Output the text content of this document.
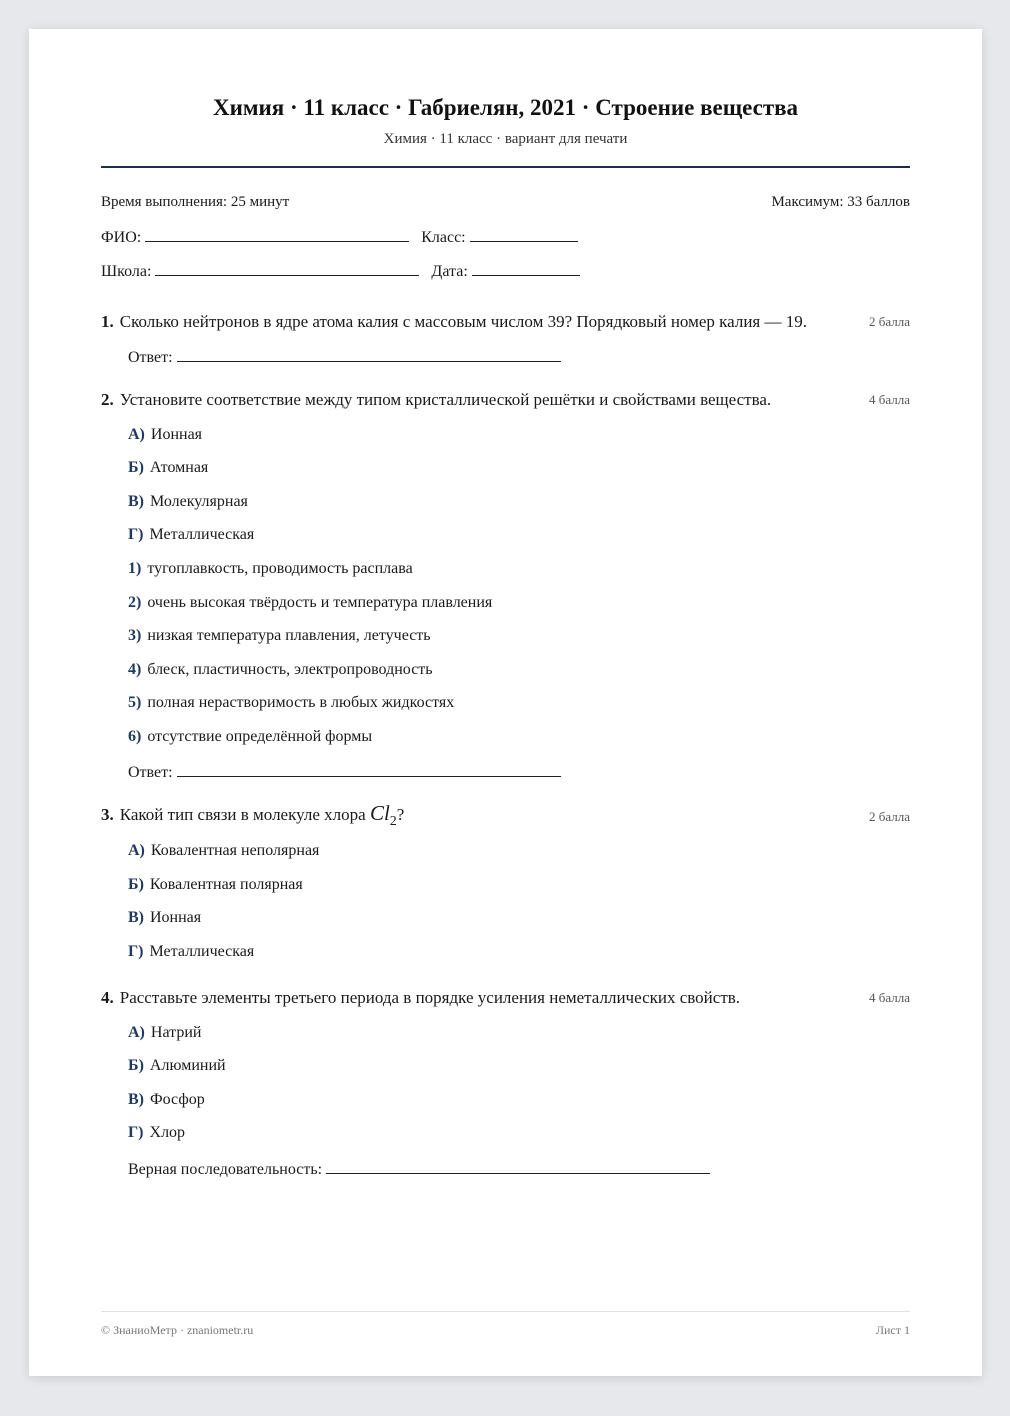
Химия · 11 класс · Габриелян, 2021 · Строение вещества
Химия · 11 класс · вариант для печати
Время выполнения: 25 минут	Максимум: 33 баллов
ФИО:	Класс:
Школа:	Дата:
1. Сколько нейтронов в ядре атома калия с массовым числом 39? Порядковый номер калия — 19.	2 балла
Ответ:
2. Установите соответствие между типом кристаллической решётки и свойствами вещества.	4 балла
А) Ионная
Б) Атомная
В) Молекулярная
Г) Металлическая
1) тугоплавкость, проводимость расплава
2) очень высокая твёрдость и температура плавления
3) низкая температура плавления, летучесть
4) блеск, пластичность, электропроводность
5) полная нерастворимость в любых жидкостях
6) отсутствие определённой формы
Ответ:
3. Какой тип связи в молекуле хлора $Cl_2$?	2 балла
А) Ковалентная неполярная
Б) Ковалентная полярная
В) Ионная
Г) Металлическая
4. Расставьте элементы третьего периода в порядке усиления неметаллических свойств.	4 балла
А) Натрий
Б) Алюминий
В) Фосфор
Г) Хлор
Верная последовательность:
© ЗнаниоМетр · znaniometr.ru	Лист 1
